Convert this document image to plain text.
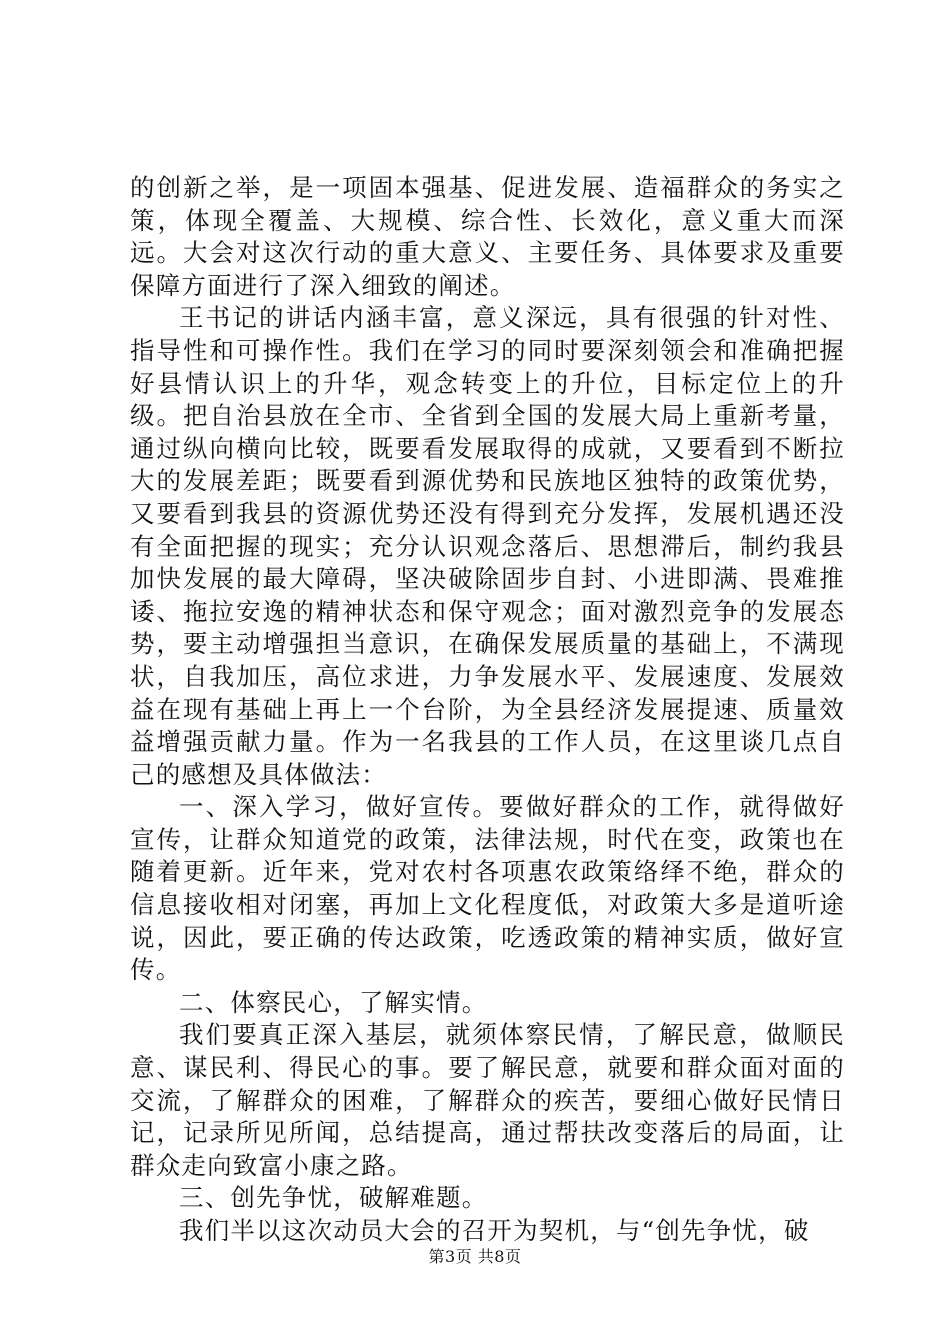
的创新之举，是一项固本强基、促进发展、造福群众的务实之策，体现全覆盖、大规模、综合性、长效化，意义重大而深远。大会对这次行动的重大意义、主要任务、具体要求及重要保障方面进行了深入细致的阐述。

王书记的讲话内涵丰富，意义深远，具有很强的针对性、指导性和可操作性。我们在学习的同时要深刻领会和准确把握好县情认识上的升华，观念转变上的升位，目标定位上的升级。把自治县放在全市、全省到全国的发展大局上重新考量，通过纵向横向比较，既要看发展取得的成就，又要看到不断拉大的发展差距；既要看到源优势和民族地区独特的政策优势，又要看到我县的资源优势还没有得到充分发挥，发展机遇还没有全面把握的现实；充分认识观念落后、思想滞后，制约我县加快发展的最大障碍，坚决破除固步自封、小进即满、畏难推诿、拖拉安逸的精神状态和保守观念；面对激烈竞争的发展态势，要主动增强担当意识，在确保发展质量的基础上，不满现状，自我加压，高位求进，力争发展水平、发展速度、发展效益在现有基础上再上一个台阶，为全县经济发展提速、质量效益增强贡献力量。作为一名我县的工作人员，在这里谈几点自己的感想及具体做法：

一、深入学习，做好宣传。要做好群众的工作，就得做好宣传，让群众知道党的政策，法律法规，时代在变，政策也在随着更新。近年来，党对农村各项惠农政策络绎不绝，群众的信息接收相对闭塞，再加上文化程度低，对政策大多是道听途说，因此，要正确的传达政策，吃透政策的精神实质，做好宣传。

二、体察民心，了解实情。

我们要真正深入基层，就须体察民情，了解民意，做顺民意、谋民利、得民心的事。要了解民意，就要和群众面对面的交流，了解群众的困难，了解群众的疾苦，要细心做好民情日记，记录所见所闻，总结提高，通过帮扶改变落后的局面，让群众走向致富小康之路。

三、创先争忧，破解难题。

我们半以这次动员大会的召开为契机，与“创先争忧，破

第3页 共8页
